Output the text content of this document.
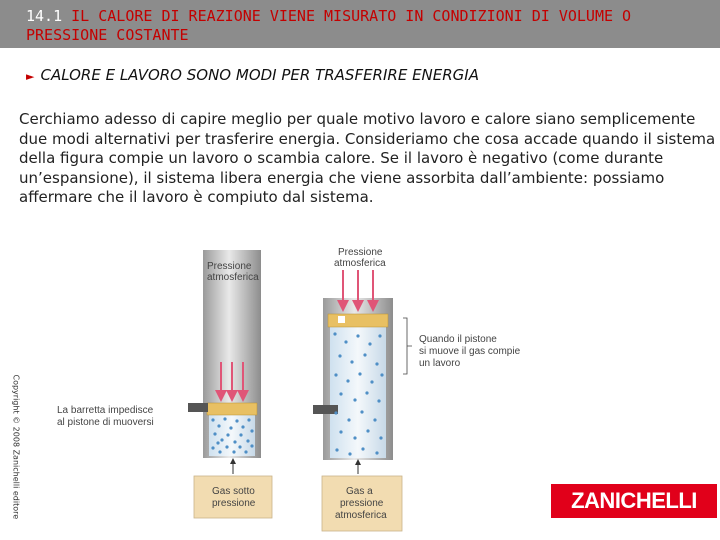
14.1 IL CALORE DI REAZIONE VIENE MISURATO IN CONDIZIONI DI VOLUME O PRESSIONE COSTANTE
► CALORE E LAVORO SONO MODI PER TRASFERIRE ENERGIA
Cerchiamo adesso di capire meglio per quale motivo lavoro e calore siano semplicemente due modi alternativi per trasferire energia. Consideriamo che cosa accade quando il sistema della figura compie un lavoro o scambia calore. Se il lavoro è negativo (come durante un’espansione), il sistema libera energia che viene assorbita dall’ambiente: possiamo affermare che il lavoro è compiuto dal sistema.
Copyright © 2008 Zanichelli editore
Pressione
atmosferica
La barretta impedisce
al pistone di muoversi
Gas sotto
pressione
Pressione
atmosferica
Quando il pistone
si muove il gas compie
un lavoro
Gas a
pressione
atmosferica
ZANICHELLI
